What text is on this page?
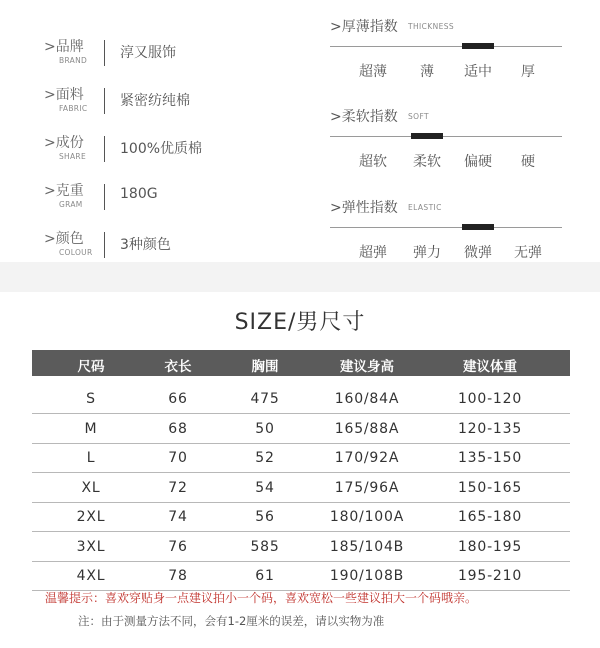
>品牌
BRAND 淳又服饰
>面料
FABRIC 紧密纺纯棉
>成份
SHARE 100%优质棉
>克重
GRAM
180G
>颜色
COLOUR 3种颜色
>厚薄指数 THICKNESS
超薄 薄 适中 厚
>柔软指数 SOFT
超软 柔软 偏硬 硬
>弹性指数 ELASTIC
超弹 弹力 微弹 无弹
SIZE/男尺寸
尺码	衣长	胸围	建议身高	建议体重
S	66	475	160/84A	100-120
M	68	50	165/88A	120-135
L	70	52	170/92A	135-150
XL	72	54	175/96A	150-165
2XL	74	56	180/100A	165-180
3XL	76	585	185/104B	180-195
4XL	78	61	190/108B	195-210
温馨提示：喜欢穿贴身一点建议拍小一个码，喜欢宽松一些建议拍大一个码哦亲。
注：由于测量方法不同，会有1-2厘米的误差，请以实物为准
